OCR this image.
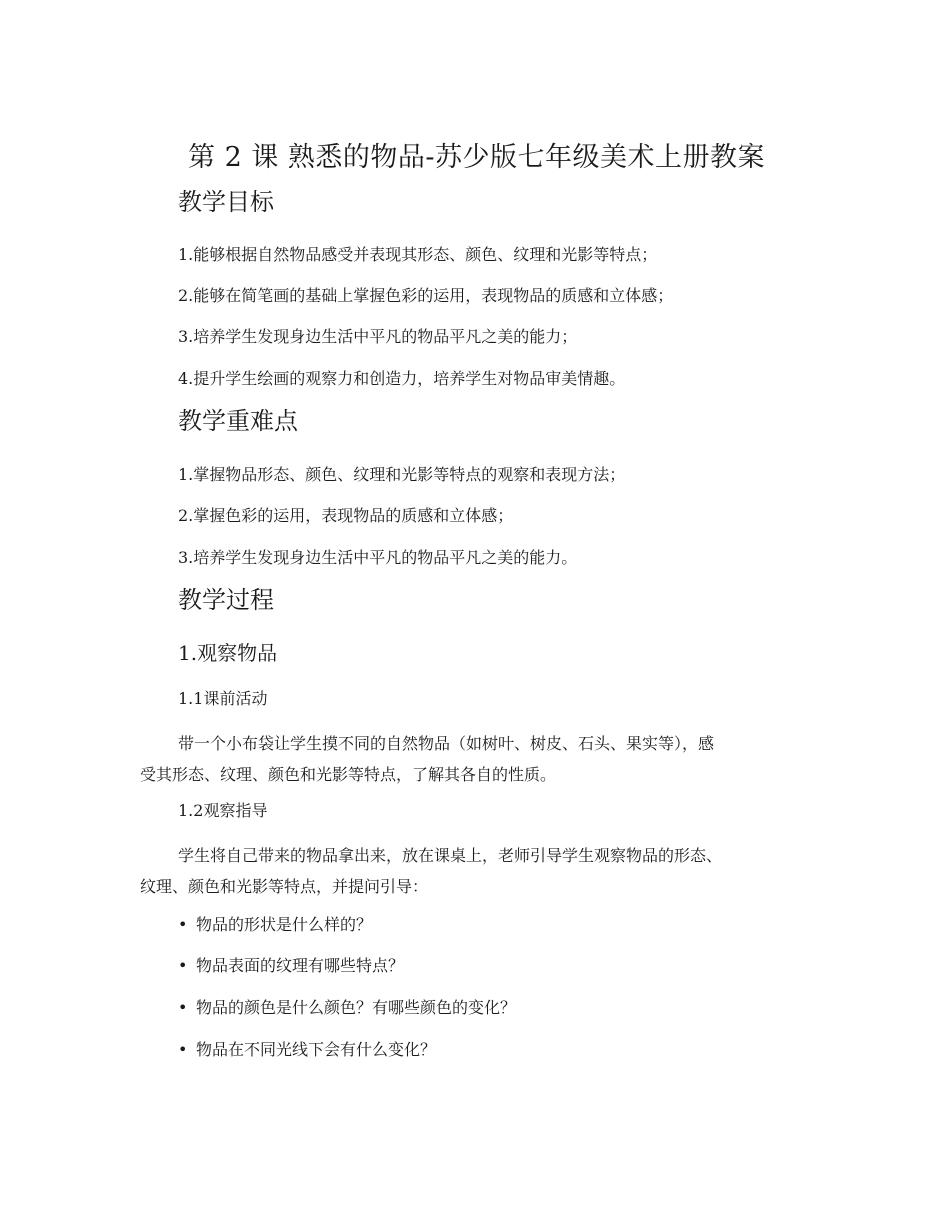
第 2 课 熟悉的物品-苏少版七年级美术上册教案
教学目标
1.能够根据自然物品感受并表现其形态、颜色、纹理和光影等特点；
2.能够在简笔画的基础上掌握色彩的运用，表现物品的质感和立体感；
3.培养学生发现身边生活中平凡的物品平凡之美的能力；
4.提升学生绘画的观察力和创造力，培养学生对物品审美情趣。
教学重难点
1.掌握物品形态、颜色、纹理和光影等特点的观察和表现方法；
2.掌握色彩的运用，表现物品的质感和立体感；
3.培养学生发现身边生活中平凡的物品平凡之美的能力。
教学过程
1.观察物品
1.1课前活动
带一个小布袋让学生摸不同的自然物品（如树叶、树皮、石头、果实等），感
受其形态、纹理、颜色和光影等特点，了解其各自的性质。
1.2观察指导
学生将自己带来的物品拿出来，放在课桌上，老师引导学生观察物品的形态、
纹理、颜色和光影等特点，并提问引导：
• 物品的形状是什么样的？
• 物品表面的纹理有哪些特点？
• 物品的颜色是什么颜色？有哪些颜色的变化？
• 物品在不同光线下会有什么变化？
